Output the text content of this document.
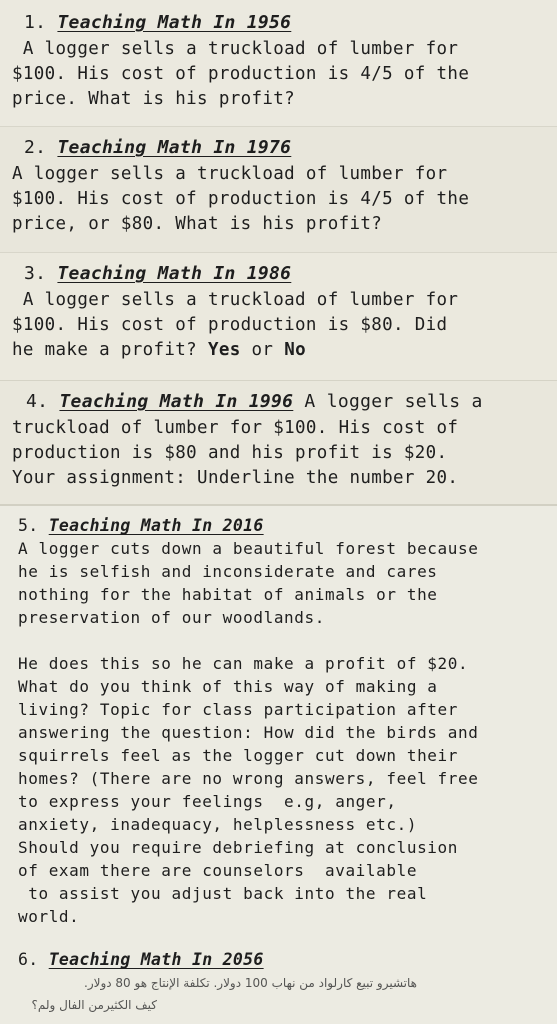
1. Teaching Math In 1956
A logger sells a truckload of lumber for
$100. His cost of production is 4/5 of the
price. What is his profit?
2. Teaching Math In 1976
A logger sells a truckload of lumber for
$100. His cost of production is 4/5 of the
price, or $80. What is his profit?
3. Teaching Math In 1986
A logger sells a truckload of lumber for
$100. His cost of production is $80. Did
he make a profit? Yes or No
4. Teaching Math In 1996 A logger sells a
truckload of lumber for $100. His cost of
production is $80 and his profit is $20.
Your assignment: Underline the number 20.
5. Teaching Math In 2016
A logger cuts down a beautiful forest because
he is selfish and inconsiderate and cares
nothing for the habitat of animals or the
preservation of our woodlands.

He does this so he can make a profit of $20.
What do you think of this way of making a
living? Topic for class participation after
answering the question: How did the birds and
squirrels feel as the logger cut down their
homes? (There are no wrong answers, feel free
to express your feelings  e.g, anger,
anxiety, inadequacy, helplessness etc.)
Should you require debriefing at conclusion
of exam there are counselors  available
to assist you adjust back into the real
world.
6. Teaching Math In 2056
هاتشيرو تبيع كارلواد من نهاب 100 دولار. تكلفة الإنتاج هو 80 دولار.
كيف الكثيرمن الفال ولم؟
